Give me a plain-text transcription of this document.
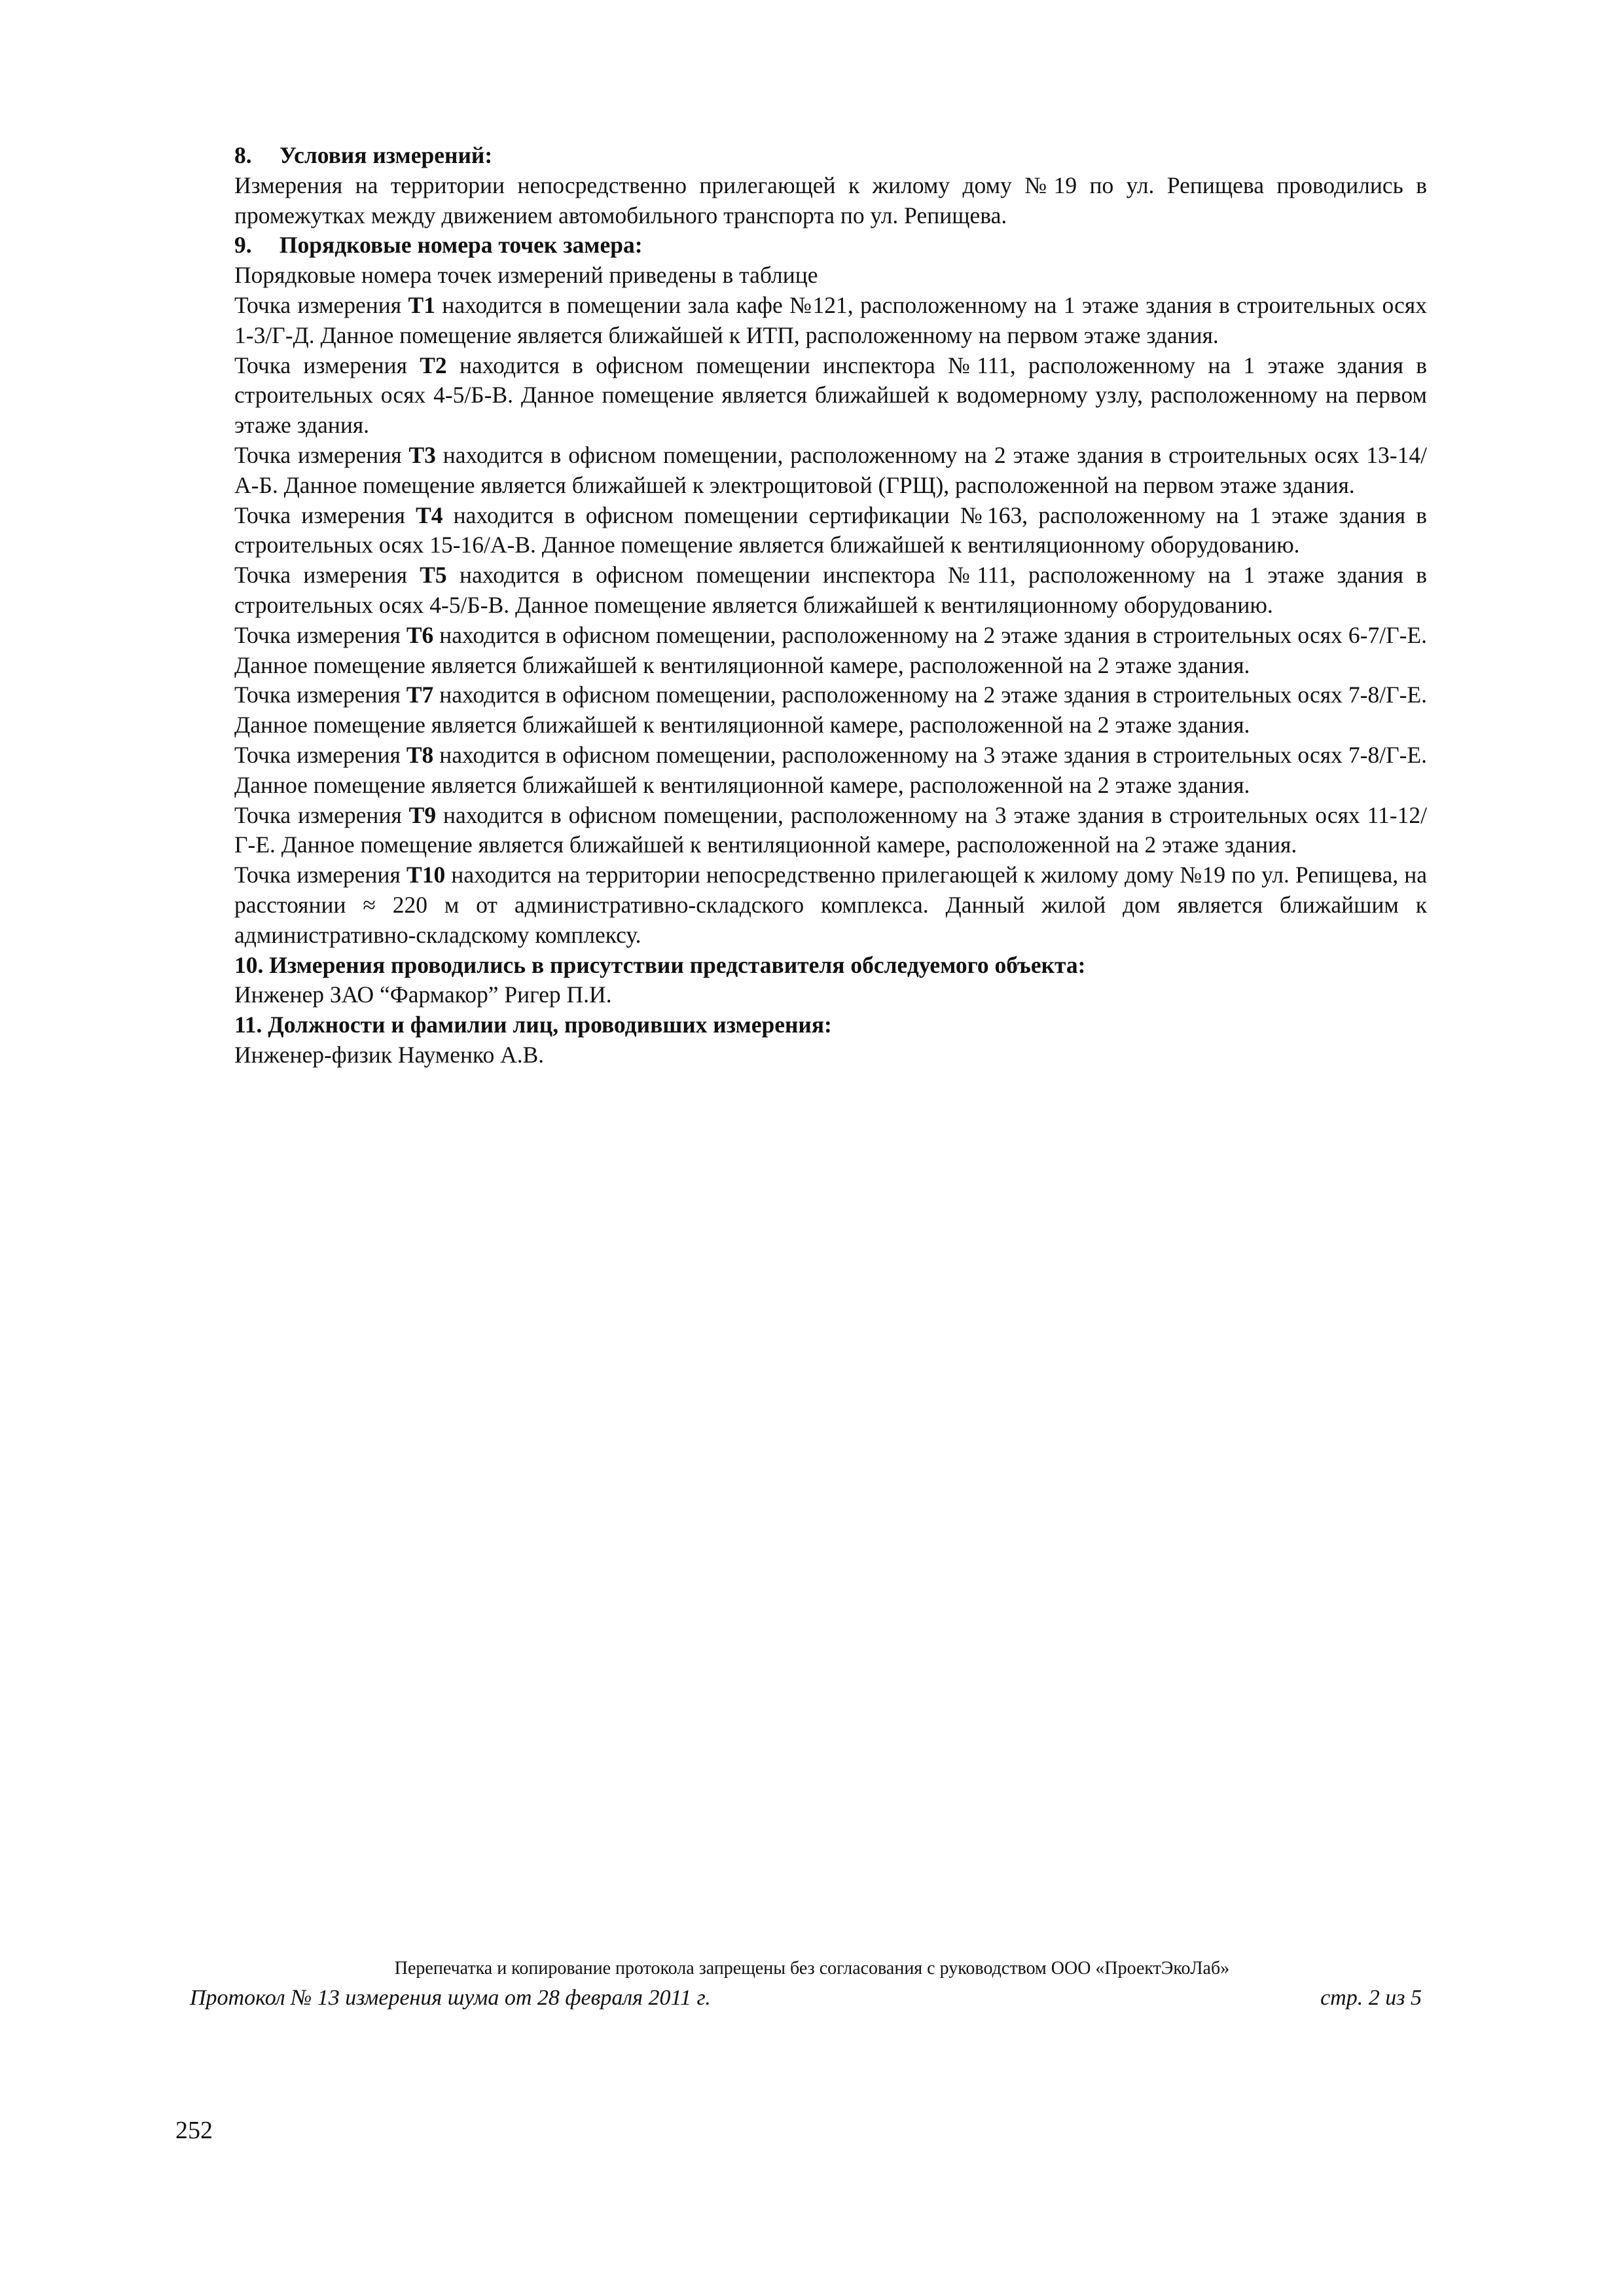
8. Условия измерений:

Измерения на территории непосредственно прилегающей к жилому дому №19 по ул. Репищева проводились в промежутках между движением автомобильного транспорта по ул. Репищева.

9. Порядковые номера точек замера:

Порядковые номера точек измерений приведены в таблице

Точка измерения Т1 находится в помещении зала кафе №121, расположенному на 1 этаже здания в строительных осях 1-3/Г-Д. Данное помещение является ближайшей к ИТП, расположенному на первом этаже здания.

Точка измерения Т2 находится в офисном помещении инспектора №111, расположенному на 1 этаже здания в строительных осях 4-5/Б-В. Данное помещение является ближайшей к водомерному узлу, расположенному на первом этаже здания.

Точка измерения Т3 находится в офисном помещении, расположенному на 2 этаже здания в строительных осях 13-14/А-Б. Данное помещение является ближайшей к электрощитовой (ГРЩ), расположенной на первом этаже здания.

Точка измерения Т4 находится в офисном помещении сертификации №163, расположенному на 1 этаже здания в строительных осях 15-16/А-В. Данное помещение является ближайшей к вентиляционному оборудованию.

Точка измерения Т5 находится в офисном помещении инспектора №111, расположенному на 1 этаже здания в строительных осях 4-5/Б-В. Данное помещение является ближайшей к вентиляционному оборудованию.

Точка измерения Т6 находится в офисном помещении, расположенному на 2 этаже здания в строительных осях 6-7/Г-Е. Данное помещение является ближайшей к вентиляционной камере, расположенной на 2 этаже здания.

Точка измерения Т7 находится в офисном помещении, расположенному на 2 этаже здания в строительных осях 7-8/Г-Е. Данное помещение является ближайшей к вентиляционной камере, расположенной на 2 этаже здания.

Точка измерения Т8 находится в офисном помещении, расположенному на 3 этаже здания в строительных осях 7-8/Г-Е. Данное помещение является ближайшей к вентиляционной камере, расположенной на 2 этаже здания.

Точка измерения Т9 находится в офисном помещении, расположенному на 3 этаже здания в строительных осях 11-12/Г-Е. Данное помещение является ближайшей к вентиляционной камере, расположенной на 2 этаже здания.

Точка измерения Т10 находится на территории непосредственно прилегающей к жилому дому №19 по ул. Репищева, на расстоянии ≈ 220 м от административно-складского комплекса. Данный жилой дом является ближайшим к административно-складскому комплексу.

10. Измерения проводились в присутствии представителя обследуемого объекта:

Инженер ЗАО “Фармакор” Ригер П.И.

11. Должности и фамилии лиц, проводивших измерения:

Инженер-физик Науменко А.В.

Перепечатка и копирование протокола запрещены без согласования с руководством ООО «ПроектЭкоЛаб»
Протокол № 13 измерения шума от 28 февраля 2011 г.	стр. 2 из 5
252
